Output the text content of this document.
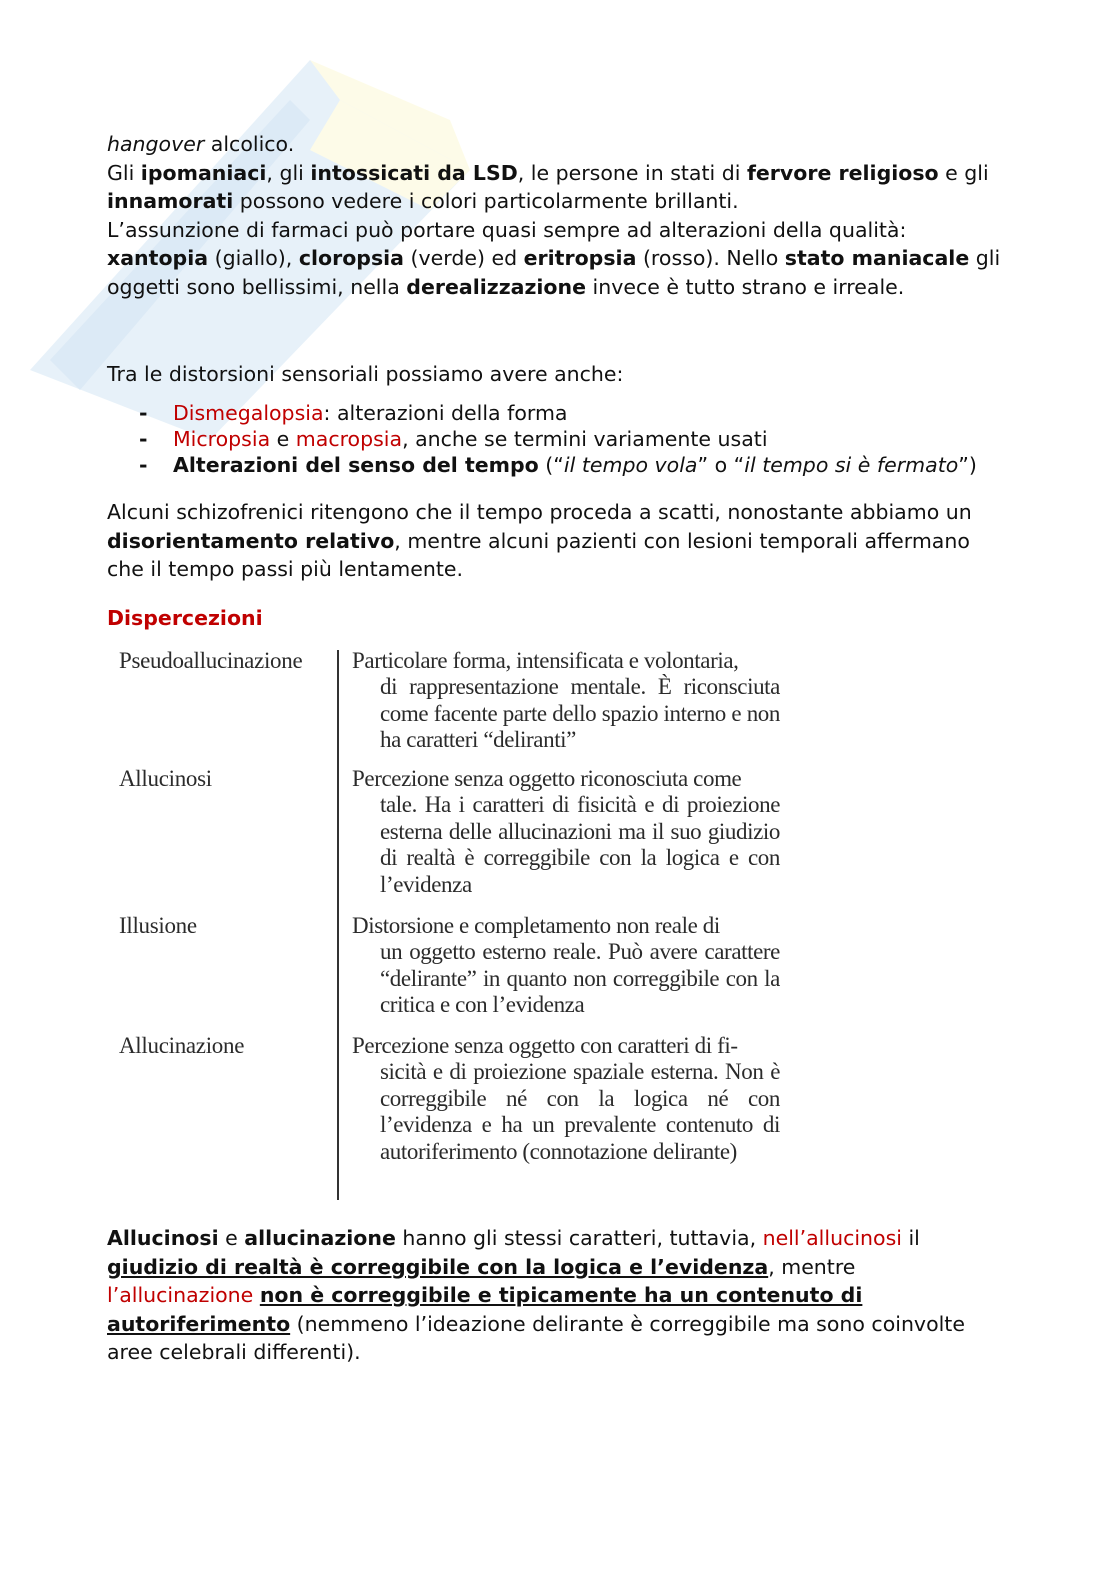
hangover alcolico.
Gli ipomaniaci, gli intossicati da LSD, le persone in stati di fervore religioso e gli innamorati possono vedere i colori particolarmente brillanti.
L’assunzione di farmaci può portare quasi sempre ad alterazioni della qualità: xantopia (giallo), cloropsia (verde) ed eritropsia (rosso). Nello stato maniacale gli oggetti sono bellissimi, nella derealizzazione invece è tutto strano e irreale.

Tra le distorsioni sensoriali possiamo avere anche:

- Dismegalopsia: alterazioni della forma
- Micropsia e macropsia, anche se termini variamente usati
- Alterazioni del senso del tempo (“il tempo vola” o “il tempo si è fermato”)

Alcuni schizofrenici ritengono che il tempo proceda a scatti, nonostante abbiamo un disorientamento relativo, mentre alcuni pazienti con lesioni temporali affermano che il tempo passi più lentamente.

Dispercezioni
Pseudoallucinazione Particolare forma, intensificata e volontaria,
di rappresentazione mentale. È riconsciuta come facente parte dello spazio interno e non ha caratteri “deliranti”
Allucinosi	Percezione senza oggetto riconosciuta come
tale. Ha i caratteri di fisicità e di proiezione esterna delle allucinazioni ma il suo giudizio di realtà è correggibile con la logica e con l’evidenza
Illusione	Distorsione e completamento non reale di
un oggetto esterno reale. Può avere carattere “delirante” in quanto non correggibile con la critica e con l’evidenza
Allucinazione	Percezione senza oggetto con caratteri di fi-
sicità e di proiezione spaziale esterna. Non è correggibile né con la logica né con l’evidenza e ha un prevalente contenuto di autoriferimento (connotazione delirante)

Allucinosi e allucinazione hanno gli stessi caratteri, tuttavia, nell’allucinosi il giudizio di realtà è correggibile con la logica e l’evidenza, mentre l’allucinazione non è correggibile e tipicamente ha un contenuto di autoriferimento (nemmeno l’ideazione delirante è correggibile ma sono coinvolte aree celebrali differenti).
